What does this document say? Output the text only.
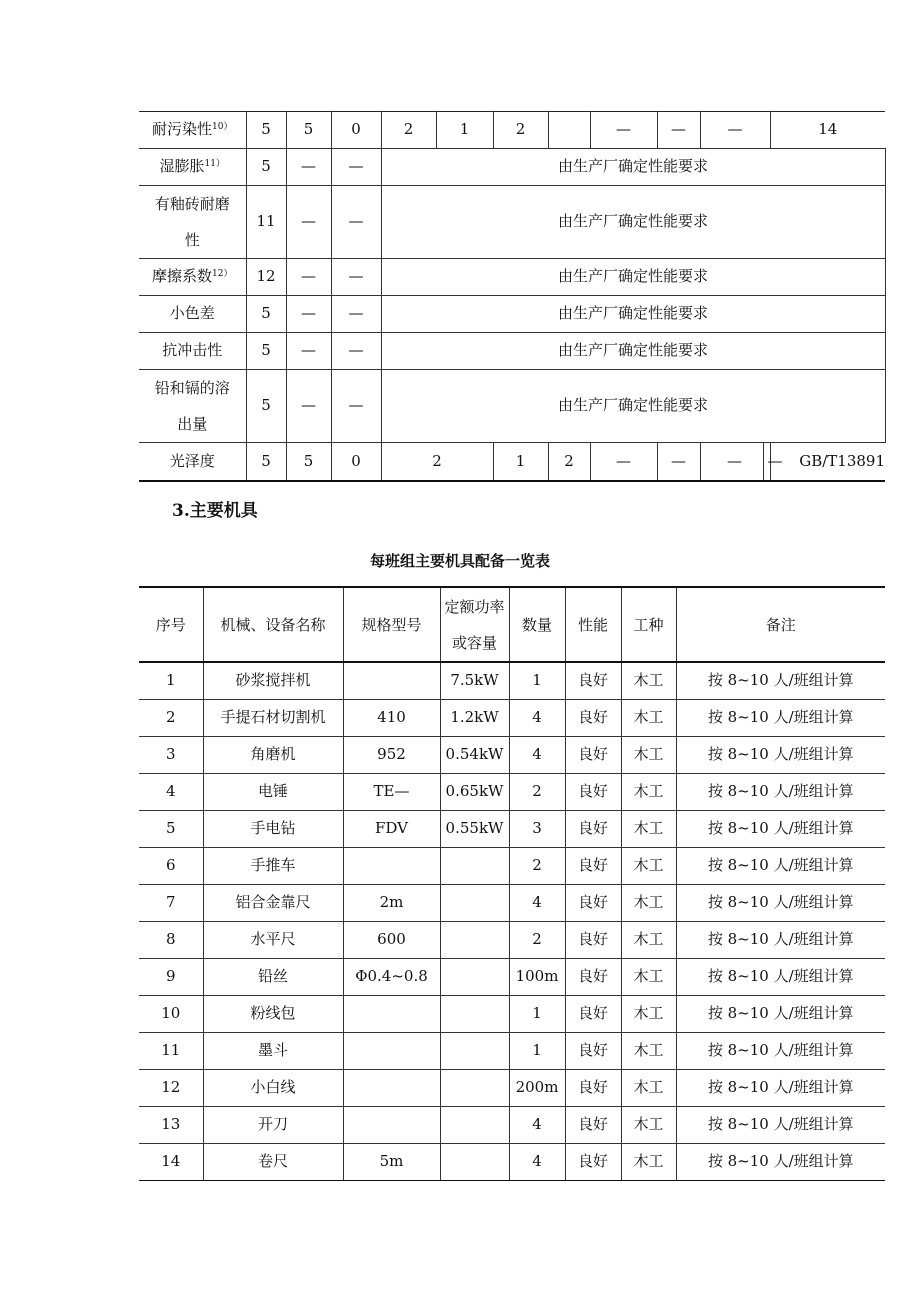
耐污染性$^{10)}$	5	5	0	2	1	2		—	—	—	14	
湿膨胀$^{11)}$	5	—	—	由生产厂确定性能要求	

有釉砖耐磨性	11	—	—	由生产厂确定性能要求	
摩擦系数$^{12)}$	12	—	—	由生产厂确定性能要求	
小色差	5	—	—	由生产厂确定性能要求	
抗冲击性	5	—	—	由生产厂确定性能要求	

铅和镉的溶出量	5	—	—	由生产厂确定性能要求	
光泽度	5	5	0	2		1	2	—	—	—	— GB/T13891	
3.主要机具
每班组主要机具配备一览表
序号	机械、设备名称	规格型号	定额功率或容量	数量	性能	工种	备注
1	砂浆搅拌机		7.5kW	1	良好	木工	按 8~10 人/班组计算
2	手提石材切割机	410	1.2kW	4	良好	木工	按 8~10 人/班组计算
3	角磨机	952	0.54kW	4	良好	木工	按 8~10 人/班组计算
4	电锤	TE—	0.65kW	2	良好	木工	按 8~10 人/班组计算
5	手电钻	FDV	0.55kW	3	良好	木工	按 8~10 人/班组计算
6	手推车			2	良好	木工	按 8~10 人/班组计算
7	铝合金靠尺	2m		4	良好	木工	按 8~10 人/班组计算
8	水平尺	600		2	良好	木工	按 8~10 人/班组计算
9	铅丝	Φ0.4~0.8		100m	良好	木工	按 8~10 人/班组计算
10	粉线包			1	良好	木工	按 8~10 人/班组计算
11	墨斗			1	良好	木工	按 8~10 人/班组计算
12	小白线			200m	良好	木工	按 8~10 人/班组计算
13	开刀			4	良好	木工	按 8~10 人/班组计算
14	卷尺	5m		4	良好	木工	按 8~10 人/班组计算
